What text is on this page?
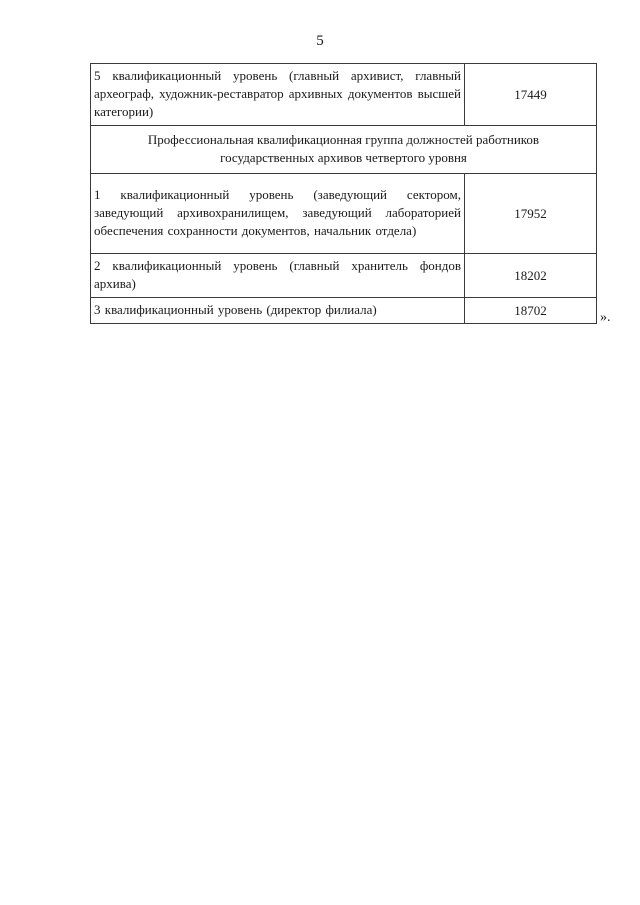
5
5 квалификационный уровень (главный архивист, главный археограф, художник-реставратор архивных документов высшей категории)	17449
Профессиональная квалификационная группа должностей работников государственных архивов четвертого уровня	
1 квалификационный уровень (заведующий сектором, заведующий архивохранилищем, заведующий лабораторией обеспечения сохранности документов, начальник отдела)	17952
2 квалификационный уровень (главный хранитель фондов архива)	18202
3 квалификационный уровень (директор филиала)	18702	».
